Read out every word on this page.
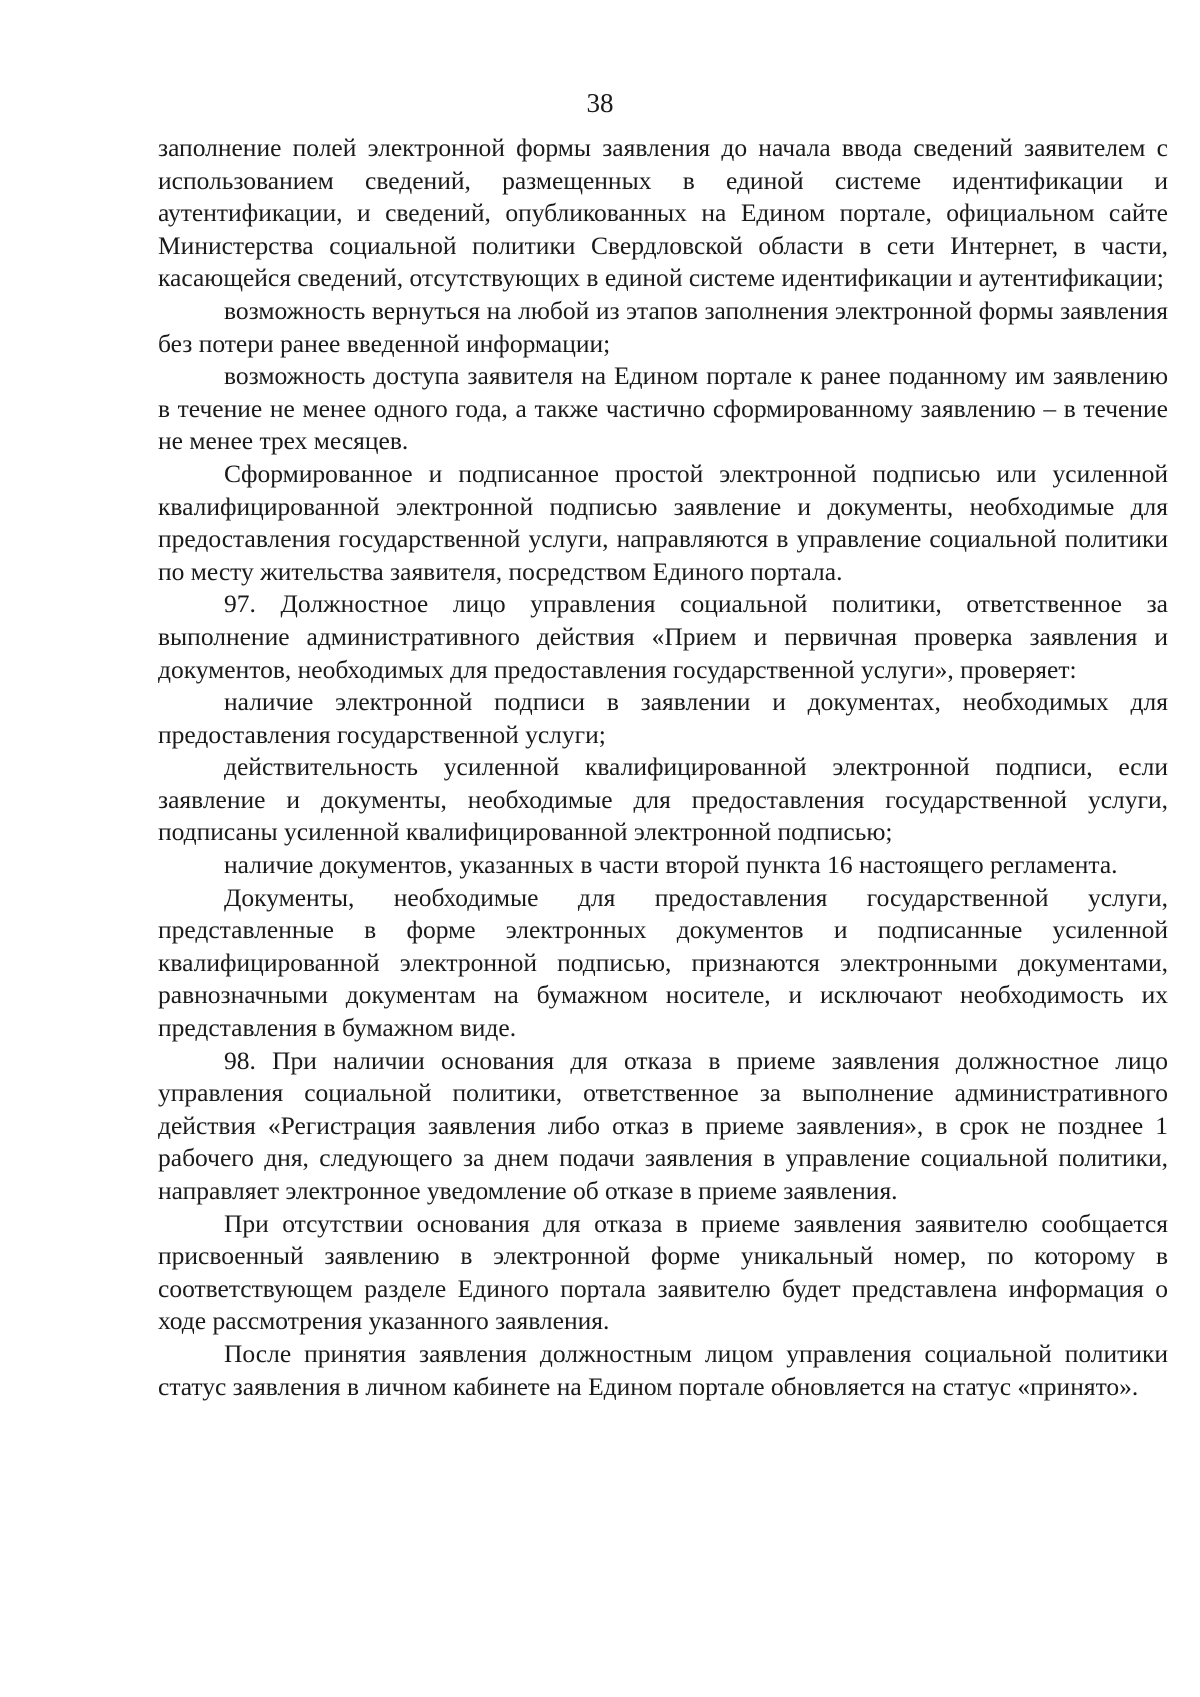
38

заполнение полей электронной формы заявления до начала ввода сведений заявителем с использованием сведений, размещенных в единой системе идентификации и аутентификации, и сведений, опубликованных на Едином портале, официальном сайте Министерства социальной политики Свердловской области в сети Интернет, в части, касающейся сведений, отсутствующих в единой системе идентификации и аутентификации;

возможность вернуться на любой из этапов заполнения электронной формы заявления без потери ранее введенной информации;

возможность доступа заявителя на Едином портале к ранее поданному им заявлению в течение не менее одного года, а также частично сформированному заявлению – в течение не менее трех месяцев.

Сформированное и подписанное простой электронной подписью или усиленной квалифицированной электронной подписью заявление и документы, необходимые для предоставления государственной услуги, направляются в управление социальной политики по месту жительства заявителя, посредством Единого портала.

97. Должностное лицо управления социальной политики, ответственное за выполнение административного действия «Прием и первичная проверка заявления и документов, необходимых для предоставления государственной услуги», проверяет:

наличие электронной подписи в заявлении и документах, необходимых для предоставления государственной услуги;

действительность усиленной квалифицированной электронной подписи, если заявление и документы, необходимые для предоставления государственной услуги, подписаны усиленной квалифицированной электронной подписью;

наличие документов, указанных в части второй пункта 16 настоящего регламента.

Документы, необходимые для предоставления государственной услуги, представленные в форме электронных документов и подписанные усиленной квалифицированной электронной подписью, признаются электронными документами, равнозначными документам на бумажном носителе, и исключают необходимость их представления в бумажном виде.

98. При наличии основания для отказа в приеме заявления должностное лицо управления социальной политики, ответственное за выполнение административного действия «Регистрация заявления либо отказ в приеме заявления», в срок не позднее 1 рабочего дня, следующего за днем подачи заявления в управление социальной политики, направляет электронное уведомление об отказе в приеме заявления.

При отсутствии основания для отказа в приеме заявления заявителю сообщается присвоенный заявлению в электронной форме уникальный номер, по которому в соответствующем разделе Единого портала заявителю будет представлена информация о ходе рассмотрения указанного заявления.

После принятия заявления должностным лицом управления социальной политики статус заявления в личном кабинете на Едином портале обновляется на статус «принято».
